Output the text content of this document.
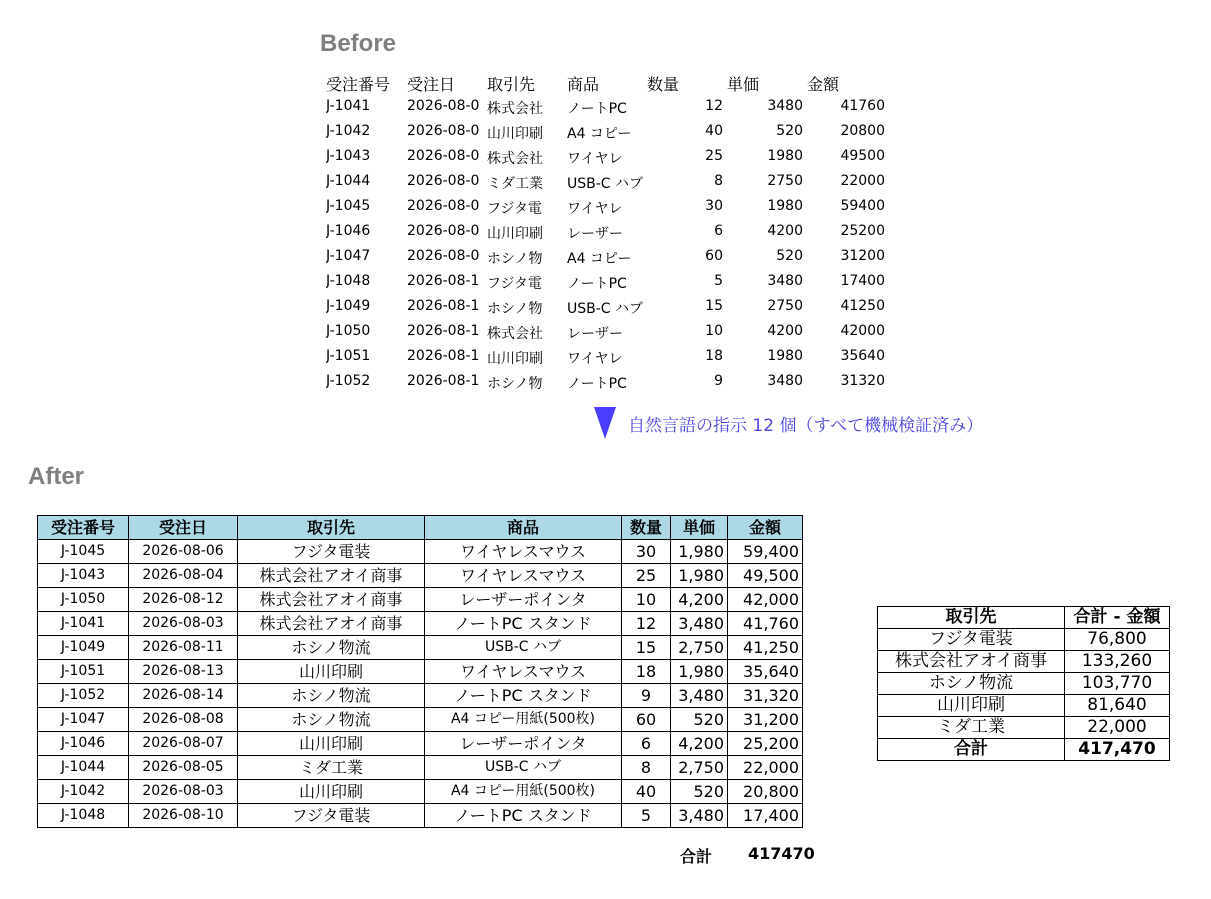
Before
受注番号	受注日	取引先	商品	数量	単価	金額
J-1041	2026-08-0 株式会社	ノートPC	12	3480	41760
J-1042	2026-08-0 山川印刷	A4 コピー	40	520	20800
J-1043	2026-08-0 株式会社	ワイヤレ	25	1980	49500
J-1044	2026-08-0 ミダ工業	USB-C ハブ	8	2750	22000
J-1045	2026-08-0 フジタ電	ワイヤレ	30	1980	59400
J-1046	2026-08-0 山川印刷	レーザー	6	4200	25200
J-1047	2026-08-0 ホシノ物	A4 コピー	60	520	31200
J-1048	2026-08-1 フジタ電	ノートPC	5	3480	17400
J-1049	2026-08-1 ホシノ物	USB-C ハブ	15	2750	41250
J-1050	2026-08-1 株式会社	レーザー	10	4200	42000
J-1051	2026-08-1 山川印刷	ワイヤレ	18	1980	35640
J-1052	2026-08-1 ホシノ物	ノートPC	9	3480	31320
自然言語の指示 12 個（すべて機械検証済み）
After
受注番号	受注日	取引先	商品	数量	単価	金額
J-1045	2026-08-06	フジタ電装	ワイヤレスマウス	30	1,980	59,400
J-1043	2026-08-04	株式会社アオイ商事	ワイヤレスマウス	25	1,980	49,500
J-1050	2026-08-12	株式会社アオイ商事	レーザーポインタ	10	4,200	42,000
J-1041	2026-08-03	株式会社アオイ商事	ノートPC スタンド	12	3,480	41,760
J-1049	2026-08-11	ホシノ物流	USB-C ハブ	15	2,750	41,250
J-1051	2026-08-13	山川印刷	ワイヤレスマウス	18	1,980	35,640
J-1052	2026-08-14	ホシノ物流	ノートPC スタンド	9	3,480	31,320
J-1047	2026-08-08	ホシノ物流	A4 コピー用紙(500枚)	60	520	31,200
J-1046	2026-08-07	山川印刷	レーザーポインタ	6	4,200	25,200
J-1044	2026-08-05	ミダ工業	USB-C ハブ	8	2,750	22,000
J-1042	2026-08-03	山川印刷	A4 コピー用紙(500枚)	40	520	20,800
J-1048	2026-08-10	フジタ電装	ノートPC スタンド	5	3,480	17,400
合計 417470
取引先	合計 - 金額
フジタ電装	76,800
株式会社アオイ商事	133,260
ホシノ物流	103,770
山川印刷	81,640
ミダ工業	22,000
合計	417,470
